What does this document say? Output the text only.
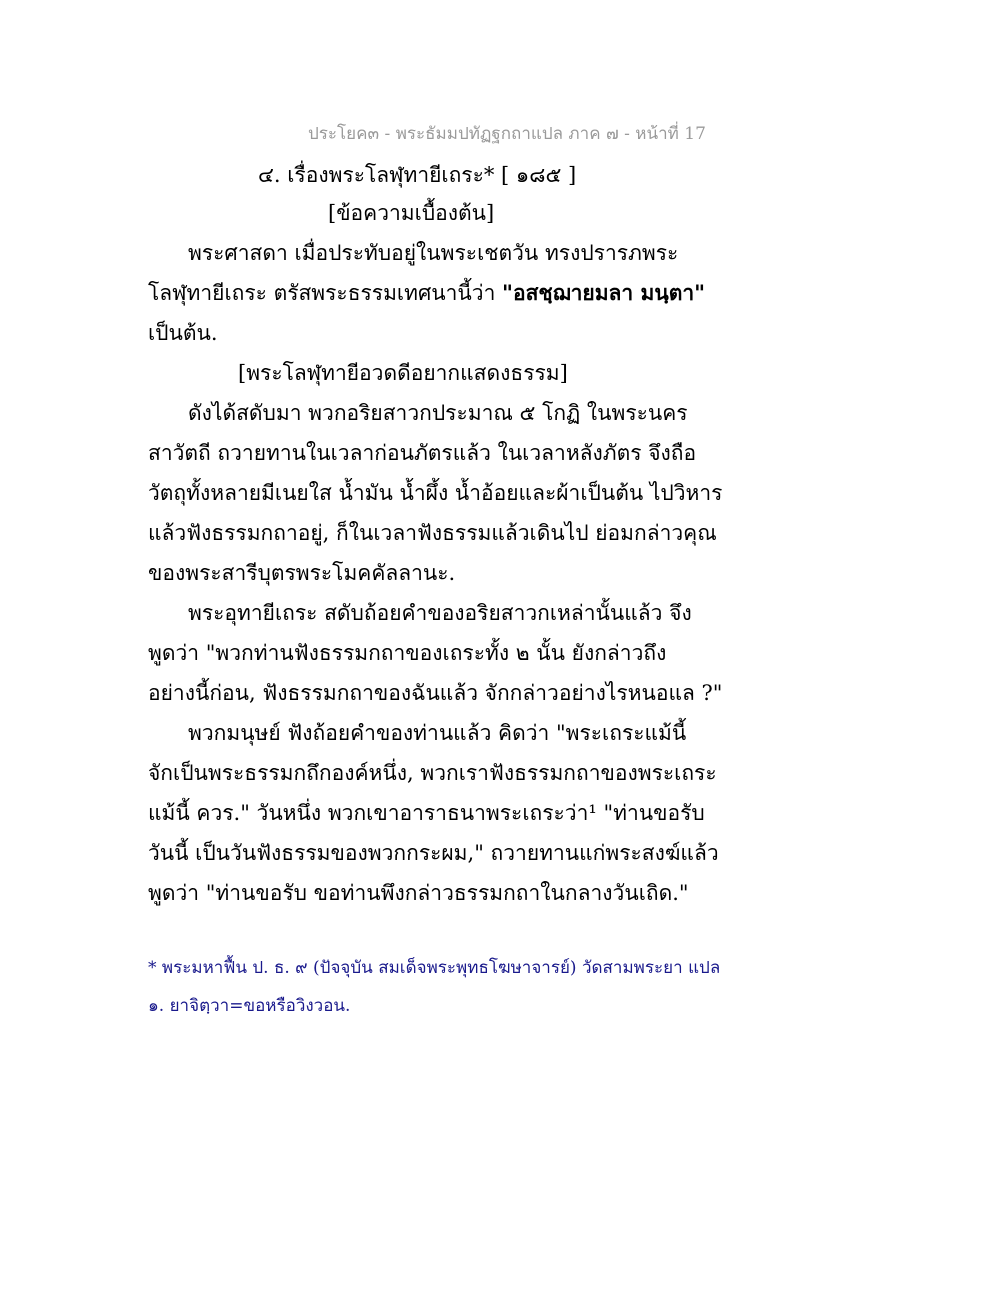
ประโยค๓ - พระธัมมปทัฏฐกถาแปล ภาค ๗ - หน้าที่ 17
๔. เรื่องพระโลฬุทายีเถระ* [ ๑๘๕ ]
[ข้อความเบื้องต้น]
พระศาสดา เมื่อประทับอยู่ในพระเชตวัน ทรงปรารภพระ
โลฬุทายีเถระ ตรัสพระธรรมเทศนานี้ว่า "อสชฺฌายมลา มนฺตา"
เป็นต้น.
[พระโลฬุทายีอวดดีอยากแสดงธรรม]
ดังได้สดับมา พวกอริยสาวกประมาณ ๕ โกฏิ ในพระนคร
สาวัตถี ถวายทานในเวลาก่อนภัตรแล้ว ในเวลาหลังภัตร จึงถือ
วัตถุทั้งหลายมีเนยใส น้ำมัน น้ำผึ้ง น้ำอ้อยและผ้าเป็นต้น ไปวิหาร
แล้วฟังธรรมกถาอยู่, ก็ในเวลาฟังธรรมแล้วเดินไป ย่อมกล่าวคุณ
ของพระสารีบุตรพระโมคคัลลานะ.
พระอุทายีเถระ สดับถ้อยคำของอริยสาวกเหล่านั้นแล้ว จึง
พูดว่า "พวกท่านฟังธรรมกถาของเถระทั้ง ๒ นั้น ยังกล่าวถึง
อย่างนี้ก่อน, ฟังธรรมกถาของฉันแล้ว จักกล่าวอย่างไรหนอแล ?"
พวกมนุษย์ ฟังถ้อยคำของท่านแล้ว คิดว่า "พระเถระแม้นี้
จักเป็นพระธรรมกถึกองค์หนึ่ง, พวกเราฟังธรรมกถาของพระเถระ
แม้นี้ ควร." วันหนึ่ง พวกเขาอาราธนาพระเถระว่า¹ "ท่านขอรับ
วันนี้ เป็นวันฟังธรรมของพวกกระผม," ถวายทานแก่พระสงฆ์แล้ว
พูดว่า "ท่านขอรับ ขอท่านพึงกล่าวธรรมกถาในกลางวันเถิด."
* พระมหาฟื้น ป. ธ. ๙ (ปัจจุบัน สมเด็จพระพุทธโฆษาจารย์) วัดสามพระยา แปล
๑. ยาจิตฺวา=ขอหรือวิงวอน.
